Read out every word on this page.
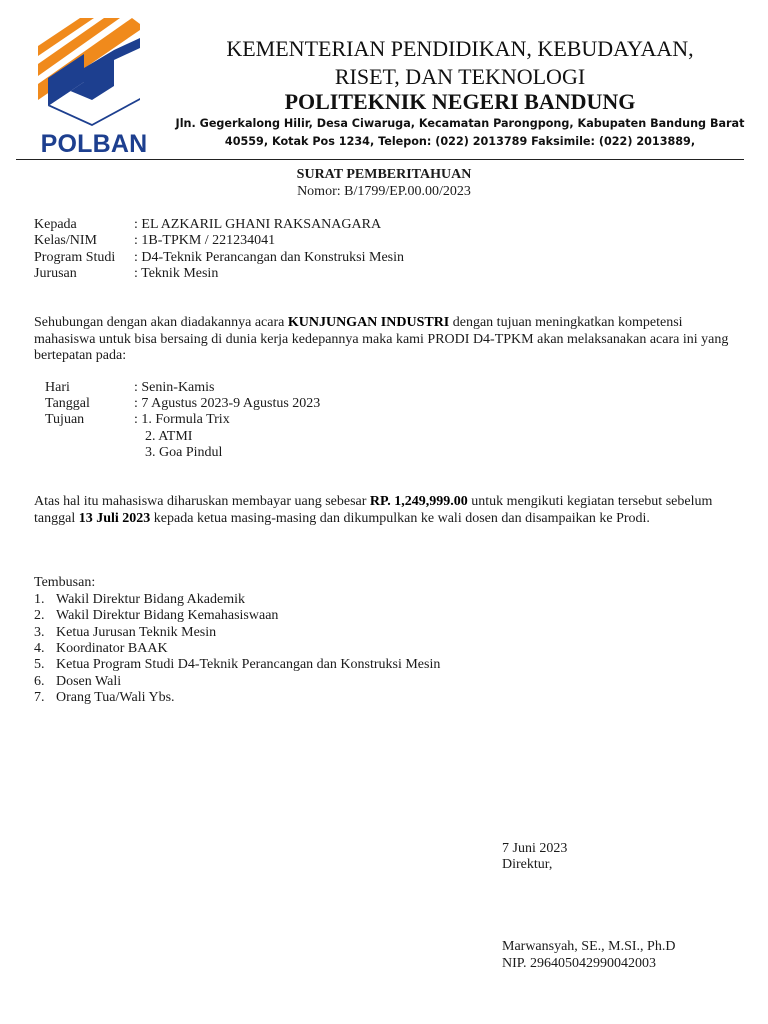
POLBAN
KEMENTERIAN PENDIDIKAN, KEBUDAYAAN,
RISET, DAN TEKNOLOGI
POLITEKNIK NEGERI BANDUNG
Jln. Gegerkalong Hilir, Desa Ciwaruga, Kecamatan Parongpong, Kabupaten Bandung Barat
40559, Kotak Pos 1234, Telepon: (022) 2013789 Faksimile: (022) 2013889,
SURAT PEMBERITAHUAN
Nomor: B/1799/EP.00.00/2023
Kepada	: EL AZKARIL GHANI RAKSANAGARA
Kelas/NIM	: 1B-TPKM / 221234041
Program Studi : D4-Teknik Perancangan dan Konstruksi Mesin
Jurusan	: Teknik Mesin
Sehubungan dengan akan diadakannya acara KUNJUNGAN INDUSTRI dengan tujuan meningkatkan kompetensi mahasiswa untuk bisa bersaing di dunia kerja kedepannya maka kami PRODI D4-TPKM akan melaksanakan acara ini yang bertepatan pada:
Hari	: Senin-Kamis
Tanggal	: 7 Agustus 2023-9 Agustus 2023
Tujuan	: 1. Formula Trix
2. ATMI
3. Goa Pindul
Atas hal itu mahasiswa diharuskan membayar uang sebesar RP. 1,249,999.00 untuk mengikuti kegiatan tersebut sebelum tanggal 13 Juli 2023 kepada ketua masing-masing dan dikumpulkan ke wali dosen dan disampaikan ke Prodi.
Tembusan:
1. Wakil Direktur Bidang Akademik
2. Wakil Direktur Bidang Kemahasiswaan
3. Ketua Jurusan Teknik Mesin
4. Koordinator BAAK
5. Ketua Program Studi D4-Teknik Perancangan dan Konstruksi Mesin
6. Dosen Wali
7. Orang Tua/Wali Ybs.
7 Juni 2023
Direktur,
Marwansyah, SE., M.SI., Ph.D
NIP. 296405042990042003
